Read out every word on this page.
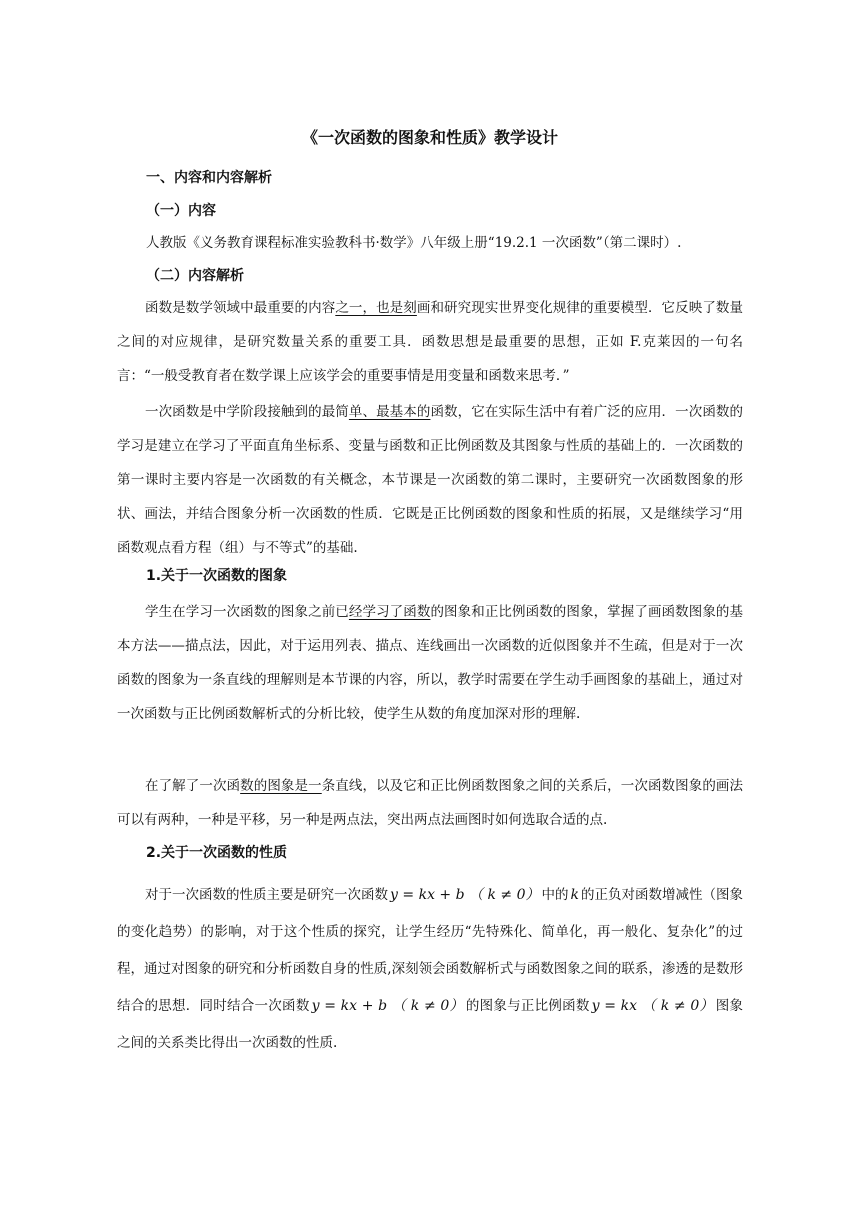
《一次函数的图象和性质》教学设计
一、内容和内容解析
（一）内容
人教版《义务教育课程标准实验教科书·数学》八年级上册“19.2.1 一次函数”（第二课时）.
（二）内容解析

函数是数学领域中最重要的内容之一，也是刻画和研究现实世界变化规律的重要模型．它反映了数量之间的对应规律，是研究数量关系的重要工具．函数思想是最重要的思想，正如 F.克莱因的一句名言：“一般受教育者在数学课上应该学会的重要事情是用变量和函数来思考．”

一次函数是中学阶段接触到的最简单、最基本的函数，它在实际生活中有着广泛的应用．一次函数的学习是建立在学习了平面直角坐标系、变量与函数和正比例函数及其图象与性质的基础上的．一次函数的第一课时主要内容是一次函数的有关概念，本节课是一次函数的第二课时，主要研究一次函数图象的形状、画法，并结合图象分析一次函数的性质．它既是正比例函数的图象和性质的拓展，又是继续学习“用函数观点看方程（组）与不等式”的基础.

1.关于一次函数的图象

学生在学习一次函数的图象之前已经学习了函数的图象和正比例函数的图象，掌握了画函数图象的基本方法——描点法，因此，对于运用列表、描点、连线画出一次函数的近似图象并不生疏，但是对于一次函数的图象为一条直线的理解则是本节课的内容，所以，教学时需要在学生动手画图象的基础上，通过对一次函数与正比例函数解析式的分析比较，使学生从数的角度加深对形的理解.

在了解了一次函数的图象是一条直线，以及它和正比例函数图象之间的关系后，一次函数图象的画法可以有两种，一种是平移，另一种是两点法，突出两点法画图时如何选取合适的点.

2.关于一次函数的性质

对于一次函数的性质主要是研究一次函数 y = kx + b （ k ≠ 0） 中的 k 的正负对函数增减性（图象的变化趋势）的影响，对于这个性质的探究，让学生经历“先特殊化、简单化，再一般化、复杂化”的过程，通过对图象的研究和分析函数自身的性质,深刻领会函数解析式与函数图象之间的联系，渗透的是数形结合的思想．同时结合一次函数 y = kx + b （ k ≠ 0） 的图象与正比例函数 y = kx （ k ≠ 0） 图象之间的关系类比得出一次函数的性质.
